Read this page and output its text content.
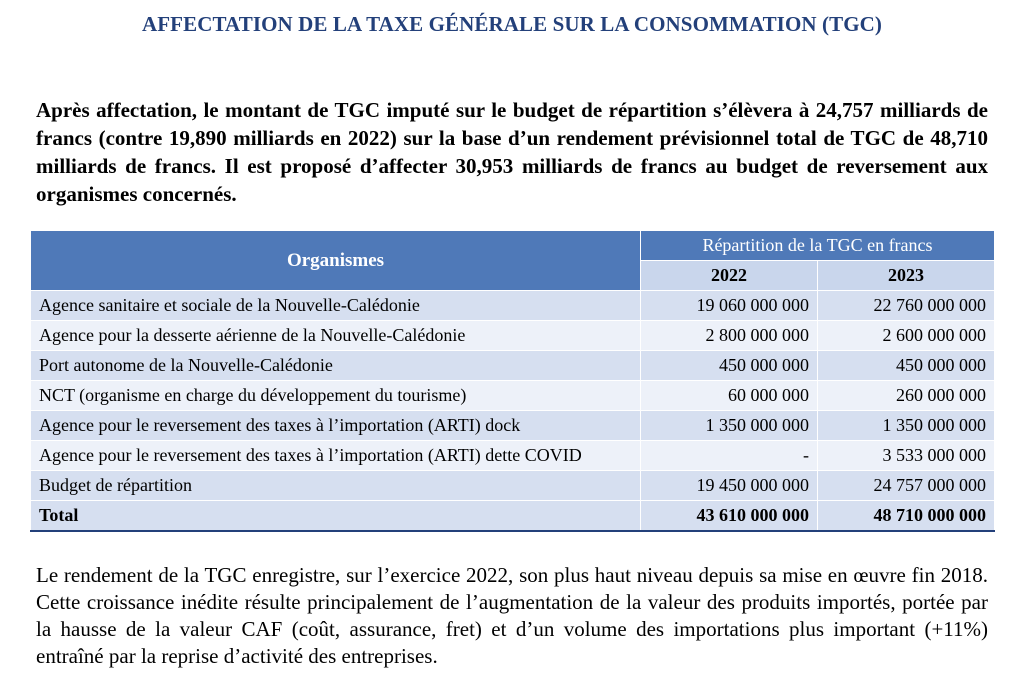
AFFECTATION DE LA TAXE GÉNÉRALE SUR LA CONSOMMATION (TGC)

Après affectation, le montant de TGC imputé sur le budget de répartition s’élèvera à 24,757 milliards de francs (contre 19,890 milliards en 2022) sur la base d’un rendement prévisionnel total de TGC de 48,710 milliards de francs. Il est proposé d’affecter 30,953 milliards de francs au budget de reversement aux organismes concernés.

Organismes	Répartition de la TGC en francs	
	2022	2023
Agence sanitaire et sociale de la Nouvelle-Calédonie	19 060 000 000	22 760 000 000
Agence pour la desserte aérienne de la Nouvelle-Calédonie	2 800 000 000	2 600 000 000
Port autonome de la Nouvelle-Calédonie	450 000 000	450 000 000
NCT (organisme en charge du développement du tourisme)	60 000 000	260 000 000
Agence pour le reversement des taxes à l’importation (ARTI) dock	1 350 000 000	1 350 000 000
Agence pour le reversement des taxes à l’importation (ARTI) dette COVID	-	3 533 000 000
Budget de répartition	19 450 000 000	24 757 000 000
Total	43 610 000 000	48 710 000 000

Le rendement de la TGC enregistre, sur l’exercice 2022, son plus haut niveau depuis sa mise en œuvre fin 2018. Cette croissance inédite résulte principalement de l’augmentation de la valeur des produits importés, portée par la hausse de la valeur CAF (coût, assurance, fret) et d’un volume des importations plus important (+11%) entraîné par la reprise d’activité des entreprises.
